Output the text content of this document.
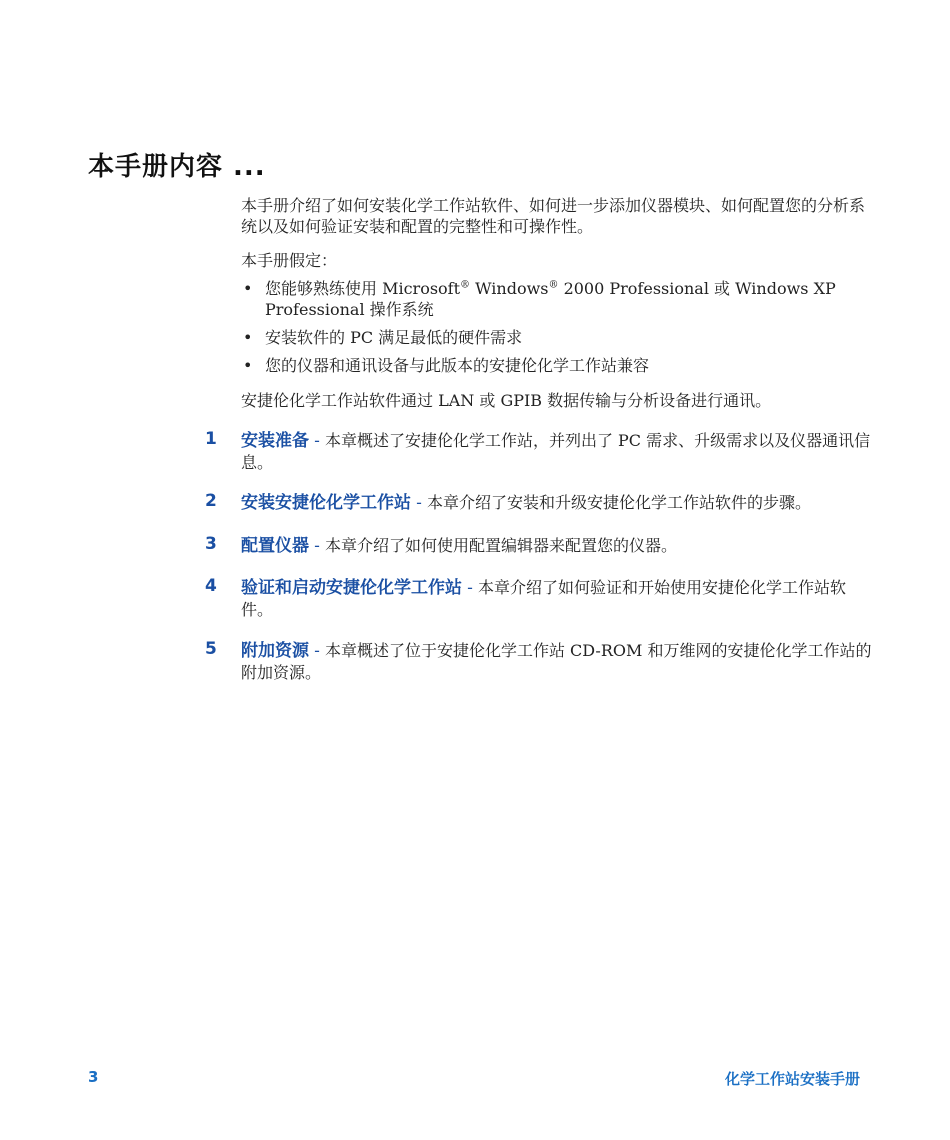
本手册内容 ...

本手册介绍了如何安装化学工作站软件、如何进一步添加仪器模块、如何配置您的分析系统以及如何验证安装和配置的完整性和可操作性。

本手册假定：

• 您能够熟练使用 Microsoft® Windows® 2000 Professional 或 Windows XP Professional 操作系统
• 安装软件的 PC 满足最低的硬件需求
• 您的仪器和通讯设备与此版本的安捷伦化学工作站兼容

安捷伦化学工作站软件通过 LAN 或 GPIB 数据传输与分析设备进行通讯。

1 安装准备 - 本章概述了安捷伦化学工作站，并列出了 PC 需求、升级需求以及仪器通讯信息。
2 安装安捷伦化学工作站 - 本章介绍了安装和升级安捷伦化学工作站软件的步骤。
3 配置仪器 - 本章介绍了如何使用配置编辑器来配置您的仪器。
4 验证和启动安捷伦化学工作站 - 本章介绍了如何验证和开始使用安捷伦化学工作站软件。
5 附加资源 - 本章概述了位于安捷伦化学工作站 CD-ROM 和万维网的安捷伦化学工作站的附加资源。
3	化学工作站安装手册
